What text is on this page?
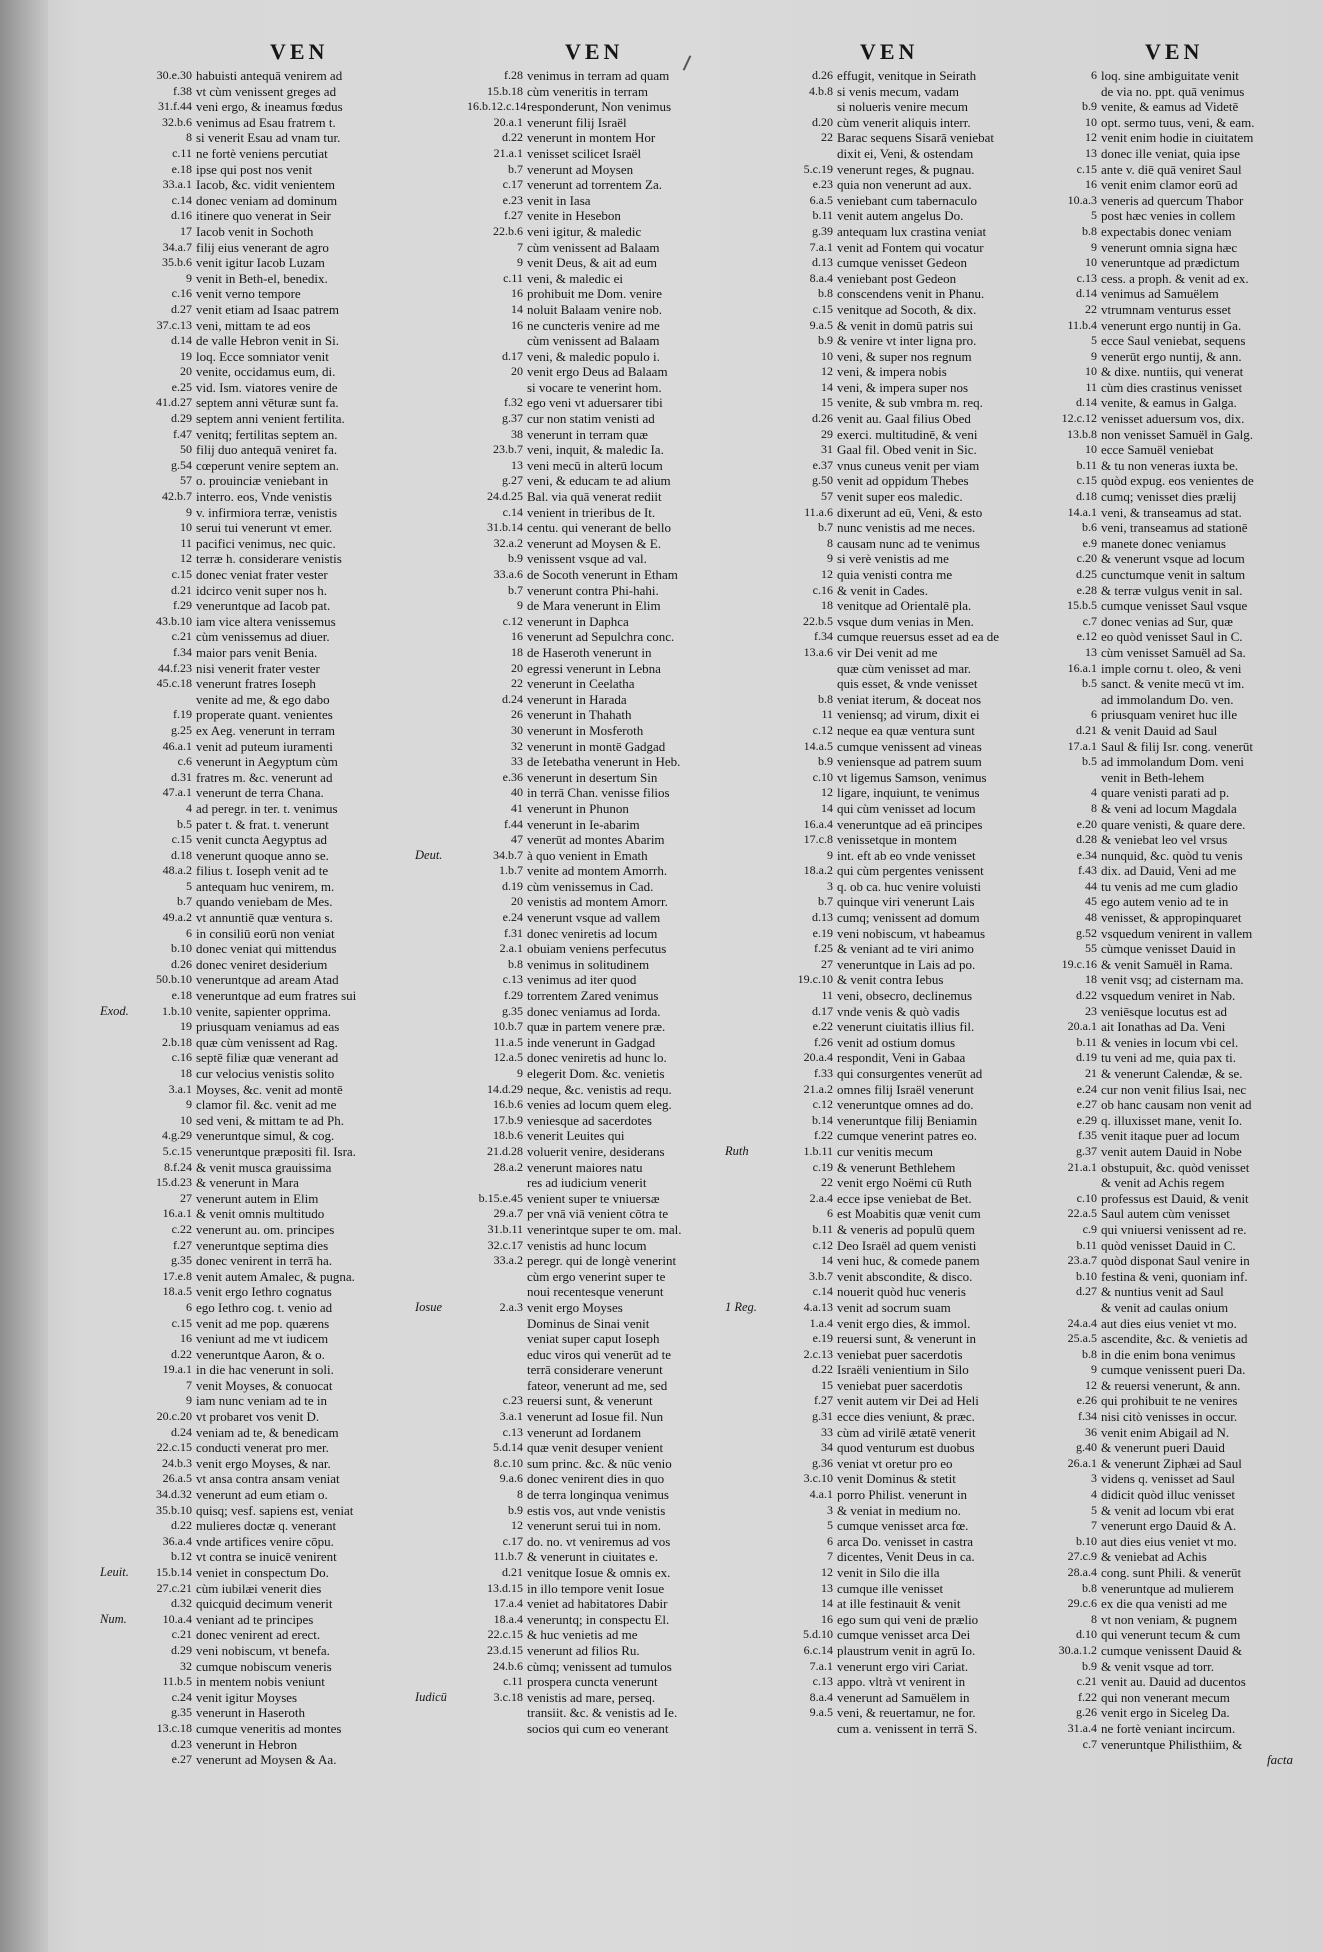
VEN
30.e.30 habuisti antequā venirem ad
f.38 vt cùm venissent greges ad
31.f.44 veni ergo, & ineamus fœdus
32.b.6 venimus ad Esau fratrem t.
8 si venerit Esau ad vnam tur.
c.11 ne fortè veniens percutiat
e.18 ipse qui post nos venit
33.a.1 Iacob, &c. vidit venientem
c.14 donec veniam ad dominum
d.16 itinere quo venerat in Seir
17 Iacob venit in Sochoth
34.a.7 filij eius venerant de agro
35.b.6 venit igitur Iacob Luzam
9 venit in Beth-el, benedix.
c.16 venit verno tempore
d.27 venit etiam ad Isaac patrem
37.c.13 veni, mittam te ad eos
d.14 de valle Hebron venit in Si.
19 loq. Ecce somniator venit
20 venite, occidamus eum, di.
e.25 vid. Ism. viatores venire de
41.d.27 septem anni vēturæ sunt fa.
d.29 septem anni venient fertilita.
f.47 venitq; fertilitas septem an.
50 filij duo antequā veniret fa.
g.54 cœperunt venire septem an.
57 o. prouinciæ veniebant in
42.b.7 interro. eos, Vnde venistis
9 v. infirmiora terræ, venistis
10 serui tui venerunt vt emer.
11 pacifici venimus, nec quic.
12 terræ h. considerare venistis
c.15 donec veniat frater vester
d.21 idcirco venit super nos h.
f.29 veneruntque ad Iacob pat.
43.b.10 iam vice altera venissemus
c.21 cùm venissemus ad diuer.
f.34 maior pars venit Benia.
44.f.23 nisi venerit frater vester
45.c.18 venerunt fratres Ioseph
venite ad me, & ego dabo
f.19 properate quant. venientes
g.25 ex Aeg. venerunt in terram
46.a.1 venit ad puteum iuramenti
c.6 venerunt in Aegyptum cùm
d.31 fratres m. &c. venerunt ad
47.a.1 venerunt de terra Chana.
4 ad peregr. in ter. t. venimus
b.5 pater t. & frat. t. venerunt
c.15 venit cuncta Aegyptus ad
d.18 venerunt quoque anno se.
48.a.2 filius t. Ioseph venit ad te
5 antequam huc venirem, m.
b.7 quando veniebam de Mes.
49.a.2 vt annuntiē quæ ventura s.
6 in consiliū eorū non veniat
b.10 donec veniat qui mittendus
d.26 donec veniret desiderium
50.b.10 veneruntque ad aream Atad
e.18 veneruntque ad eum fratres sui
Exod.	1.b.10 venite, sapienter opprima.
19 priusquam veniamus ad eas
2.b.18 quæ cùm venissent ad Rag.
c.16 septē filiæ quæ venerant ad
18 cur velocius venistis solito
3.a.1 Moyses, &c. venit ad montē
9 clamor fil. &c. venit ad me
10 sed veni, & mittam te ad Ph.
4.g.29 veneruntque simul, & cog.
5.c.15 veneruntque præpositi fil. Isra.
8.f.24 & venit musca grauissima
15.d.23 & venerunt in Mara
27 venerunt autem in Elim
16.a.1 & venit omnis multitudo
c.22 venerunt au. om. principes
f.27 veneruntque septima dies
g.35 donec venirent in terrā ha.
17.e.8 venit autem Amalec, & pugna.
18.a.5 venit ergo Iethro cognatus
6 ego Iethro cog. t. venio ad
c.15 venit ad me pop. quærens
16 veniunt ad me vt iudicem
d.22 veneruntque Aaron, & o.
19.a.1 in die hac venerunt in soli.
7 venit Moyses, & conuocat
9 iam nunc veniam ad te in
20.c.20 vt probaret vos venit D.
d.24 veniam ad te, & benedicam
22.c.15 conducti venerat pro mer.
24.b.3 venit ergo Moyses, & nar.
26.a.5 vt ansa contra ansam veniat
34.d.32 venerunt ad eum etiam o.
35.b.10 quisq; vesf. sapiens est, veniat
d.22 mulieres doctæ q. venerant
36.a.4 vnde artifices venire cōpu.
b.12 vt contra se inuicē venirent
Leuit.	15.b.14 veniet in conspectum Do.
27.c.21 cùm iubilæi venerit dies
d.32 quicquid decimum venerit
Num.	10.a.4 veniant ad te principes
c.21 donec venirent ad erect.
d.29 veni nobiscum, vt benefa.
32 cumque nobiscum veneris
11.b.5 in mentem nobis veniunt
c.24 venit igitur Moyses
g.35 venerunt in Haseroth
13.c.18 cumque veneritis ad montes
d.23 venerunt in Hebron
e.27 venerunt ad Moysen & Aa.
VEN
f.28 venimus in terram ad quam
15.b.18 cùm veneritis in terram
16.b.12.c.14 responderunt, Non venimus
20.a.1 venerunt filij Israël
d.22 venerunt in montem Hor
21.a.1 venisset scilicet Israël
b.7 venerunt ad Moysen
c.17 venerunt ad torrentem Za.
e.23 venit in Iasa
f.27 venite in Hesebon
22.b.6 veni igitur, & maledic
7 cùm venissent ad Balaam
9 venit Deus, & ait ad eum
c.11 veni, & maledic ei
16 prohibuit me Dom. venire
14 noluit Balaam venire nob.
16 ne cuncteris venire ad me
cùm venissent ad Balaam
d.17 veni, & maledic populo i.
20 venit ergo Deus ad Balaam
si vocare te venerint hom.
f.32 ego veni vt aduersarer tibi
g.37 cur non statim venisti ad
38 venerunt in terram quæ
23.b.7 veni, inquit, & maledic Ia.
13 veni mecū in alterū locum
g.27 veni, & educam te ad alium
24.d.25 Bal. via quā venerat rediit
c.14 venient in trieribus de It.
31.b.14 centu. qui venerant de bello
32.a.2 venerunt ad Moysen & E.
b.9 venissent vsque ad val.
33.a.6 de Socoth venerunt in Etham
b.7 venerunt contra Phi-hahi.
9 de Mara venerunt in Elim
c.12 venerunt in Daphca
16 venerunt ad Sepulchra conc.
18 de Haseroth venerunt in
20 egressi venerunt in Lebna
22 venerunt in Ceelatha
d.24 venerunt in Harada
26 venerunt in Thahath
30 venerunt in Mosferoth
32 venerunt in montē Gadgad
33 de Ietebatha venerunt in Heb.
e.36 venerunt in desertum Sin
40 in terrā Chan. venisse filios
41 venerunt in Phunon
f.44 venerunt in Ie-abarim
47 venerūt ad montes Abarim
Deut.	34.b.7 à quo venient in Emath
1.b.7 venite ad montem Amorrh.
d.19 cùm venissemus in Cad.
20 venistis ad montem Amorr.
e.24 venerunt vsque ad vallem
f.31 donec veniretis ad locum
2.a.1 obuiam veniens perfecutus
b.8 venimus in solitudinem
c.13 venimus ad iter quod
f.29 torrentem Zared venimus
g.35 donec veniamus ad Iorda.
10.b.7 quæ in partem venere præ.
11.a.5 inde venerunt in Gadgad
12.a.5 donec veniretis ad hunc lo.
9 elegerit Dom. &c. venietis
14.d.29 neque, &c. venistis ad requ.
16.b.6 venies ad locum quem eleg.
17.b.9 veniesque ad sacerdotes
18.b.6 venerit Leuites qui
21.d.28 voluerit venire, desiderans
28.a.2 venerunt maiores natu
res ad iudicium venerit
b.15.e.45 venient super te vniuersæ
29.a.7 per vnā viā venient cōtra te
31.b.11 venerintque super te om. mal.
32.c.17 venistis ad hunc locum
33.a.2 peregr. qui de longè venerint
cùm ergo venerint super te
noui recentesque venerunt
Iosue	2.a.3 venit ergo Moyses
Dominus de Sinai venit
veniat super caput Ioseph
educ viros qui venerūt ad te
terrā considerare venerunt
fateor, venerunt ad me, sed
c.23 reuersi sunt, & venerunt
3.a.1 venerunt ad Iosue fil. Nun
c.13 venerunt ad Iordanem
5.d.14 quæ venit desuper venient
8.c.10 sum princ. &c. & nūc venio
9.a.6 donec venirent dies in quo
8 de terra longinqua venimus
b.9 estis vos, aut vnde venistis
12 venerunt serui tui in nom.
c.17 do. no. vt veniremus ad vos
11.b.7 & venerunt in ciuitates e.
d.21 venitque Iosue & omnis ex.
13.d.15 in illo tempore venit Iosue
17.a.4 veniet ad habitatores Dabir
18.a.4 veneruntq; in conspectu El.
22.c.15 & huc venietis ad me
23.d.15 venerunt ad filios Ru.
24.b.6 cùmq; venissent ad tumulos
c.11 prospera cuncta venerunt
Iudicū	3.c.18 venistis ad mare, perseq.
transiit. &c. & venistis ad Ie.
socios qui cum eo venerant
VEN
d.26 effugit, venitque in Seirath
4.b.8 si venis mecum, vadam
si nolueris venire mecum
d.20 cùm venerit aliquis interr.
22 Barac sequens Sisarā veniebat
dixit ei, Veni, & ostendam
5.c.19 venerunt reges, & pugnau.
e.23 quia non venerunt ad aux.
6.a.5 veniebant cum tabernaculo
b.11 venit autem angelus Do.
g.39 antequam lux crastina veniat
7.a.1 venit ad Fontem qui vocatur
d.13 cumque venisset Gedeon
8.a.4 veniebant post Gedeon
b.8 conscendens venit in Phanu.
c.15 venitque ad Socoth, & dix.
9.a.5 & venit in domū patris sui
b.9 & venire vt inter ligna pro.
10 veni, & super nos regnum
12 veni, & impera nobis
14 veni, & impera super nos
15 venite, & sub vmbra m. req.
d.26 venit au. Gaal filius Obed
29 exerci. multitudinē, & veni
31 Gaal fil. Obed venit in Sic.
e.37 vnus cuneus venit per viam
g.50 venit ad oppidum Thebes
57 venit super eos maledic.
11.a.6 dixerunt ad eū, Veni, & esto
b.7 nunc venistis ad me neces.
8 causam nunc ad te venimus
9 si verè venistis ad me
12 quia venisti contra me
c.16 & venit in Cades.
18 venitque ad Orientalē pla.
22.b.5 vsque dum venias in Men.
f.34 cumque reuersus esset ad ea de
13.a.6 vir Dei venit ad me
quæ cùm venisset ad mar.
quis esset, & vnde venisset
b.8 veniat iterum, & doceat nos
11 veniensq; ad virum, dixit ei
c.12 neque ea quæ ventura sunt
14.a.5 cumque venissent ad vineas
b.9 veniensque ad patrem suum
c.10 vt ligemus Samson, venimus
12 ligare, inquiunt, te venimus
14 qui cùm venisset ad locum
16.a.4 veneruntque ad eā principes
17.c.8 venissetque in montem
9 int. eft ab eo vnde venisset
18.a.2 qui cùm pergentes venissent
3 q. ob ca. huc venire voluisti
b.7 quinque viri venerunt Lais
d.13 cumq; venissent ad domum
e.19 veni nobiscum, vt habeamus
f.25 & veniant ad te viri animo
27 veneruntque in Lais ad po.
19.c.10 & venit contra Iebus
11 veni, obsecro, declinemus
d.17 vnde venis & quò vadis
e.22 venerunt ciuitatis illius fil.
f.26 venit ad ostium domus
20.a.4 respondit, Veni in Gabaa
f.33 qui consurgentes venerūt ad
21.a.2 omnes filij Israël venerunt
c.12 veneruntque omnes ad do.
b.14 veneruntque filij Beniamin
f.22 cumque venerint patres eo.
Ruth	1.b.11 cur venitis mecum
c.19 & venerunt Bethlehem
22 venit ergo Noëmi cū Ruth
2.a.4 ecce ipse veniebat de Bet.
6 est Moabitis quæ venit cum
b.11 & veneris ad populū quem
c.12 Deo Israël ad quem venisti
14 veni huc, & comede panem
3.b.7 venit abscondite, & disco.
c.14 nouerit quòd huc veneris
1 Reg.	4.a.13 venit ad socrum suam
1.a.4 venit ergo dies, & immol.
e.19 reuersi sunt, & venerunt in
2.c.13 veniebat puer sacerdotis
d.22 Israëli venientium in Silo
15 veniebat puer sacerdotis
f.27 venit autem vir Dei ad Heli
g.31 ecce dies veniunt, & præc.
33 cùm ad virilē ætatē venerit
34 quod venturum est duobus
g.36 veniat vt oretur pro eo
3.c.10 venit Dominus & stetit
4.a.1 porro Philist. venerunt in
3 & veniat in medium no.
5 cumque venisset arca fœ.
6 arca Do. venisset in castra
7 dicentes, Venit Deus in ca.
12 venit in Silo die illa
13 cumque ille venisset
14 at ille festinauit & venit
16 ego sum qui veni de prælio
5.d.10 cumque venisset arca Dei
6.c.14 plaustrum venit in agrū Io.
7.a.1 venerunt ergo viri Cariat.
c.13 appo. vltrà vt venirent in
8.a.4 venerunt ad Samuëlem in
9.a.5 veni, & reuertamur, ne for.
cum a. venissent in terrā S.
VEN
6 loq. sine ambiguitate venit
de via no. ppt. quā venimus
b.9 venite, & eamus ad Videtē
10 opt. sermo tuus, veni, & eam.
12 venit enim hodie in ciuitatem
13 donec ille veniat, quia ipse
c.15 ante v. diē quā veniret Saul
16 venit enim clamor eorū ad
10.a.3 veneris ad quercum Thabor
5 post hæc venies in collem
b.8 expectabis donec veniam
9 venerunt omnia signa hæc
10 veneruntque ad prædictum
c.13 cess. a proph. & venit ad ex.
d.14 venimus ad Samuëlem
22 vtrumnam venturus esset
11.b.4 venerunt ergo nuntij in Ga.
5 ecce Saul veniebat, sequens
9 venerūt ergo nuntij, & ann.
10 & dixe. nuntiis, qui venerat
11 cùm dies crastinus venisset
d.14 venite, & eamus in Galga.
12.c.12 venisset aduersum vos, dix.
13.b.8 non venisset Samuël in Galg.
10 ecce Samuël veniebat
b.11 & tu non veneras iuxta be.
c.15 quòd expug. eos venientes de
d.18 cumq; venisset dies prælij
14.a.1 veni, & transeamus ad stat.
b.6 veni, transeamus ad stationē
e.9 manete donec veniamus
c.20 & venerunt vsque ad locum
d.25 cunctumque venit in saltum
e.28 & terræ vulgus venit in sal.
15.b.5 cumque venisset Saul vsque
c.7 donec venias ad Sur, quæ
e.12 eo quòd venisset Saul in C.
13 cùm venisset Samuël ad Sa.
16.a.1 imple cornu t. oleo, & veni
b.5 sanct. & venite mecū vt im.
ad immolandum Do. ven.
6 priusquam veniret huc ille
d.21 & venit Dauid ad Saul
17.a.1 Saul & filij Isr. cong. venerūt
b.5 ad immolandum Dom. veni
venit in Beth-lehem
4 quare venisti parati ad p.
8 & veni ad locum Magdala
e.20 quare venisti, & quare dere.
d.28 & veniebat leo vel vrsus
e.34 nunquid, &c. quòd tu venis
f.43 dix. ad Dauid, Veni ad me
44 tu venis ad me cum gladio
45 ego autem venio ad te in
48 venisset, & appropinquaret
g.52 vsquedum venirent in vallem
55 cùmque venisset Dauid in
19.c.16 & venit Samuël in Rama.
18 venit vsq; ad cisternam ma.
d.22 vsquedum veniret in Nab.
23 veniēsque locutus est ad
20.a.1 ait Ionathas ad Da. Veni
b.11 & venies in locum vbi cel.
d.19 tu veni ad me, quia pax ti.
21 & venerunt Calendæ, & se.
e.24 cur non venit filius Isai, nec
e.27 ob hanc causam non venit ad
e.29 q. illuxisset mane, venit Io.
f.35 venit itaque puer ad locum
g.37 venit autem Dauid in Nobe
21.a.1 obstupuit, &c. quòd venisset
& venit ad Achis regem
c.10 professus est Dauid, & venit
22.a.5 Saul autem cùm venisset
c.9 qui vniuersi venissent ad re.
b.11 quòd venisset Dauid in C.
23.a.7 quòd disponat Saul venire in
b.10 festina & veni, quoniam inf.
d.27 & nuntius venit ad Saul
& venit ad caulas onium
24.a.4 aut dies eius veniet vt mo.
25.a.5 ascendite, &c. & venietis ad
b.8 in die enim bona venimus
9 cumque venissent pueri Da.
12 & reuersi venerunt, & ann.
e.26 qui prohibuit te ne venires
f.34 nisi citò venisses in occur.
36 venit enim Abigail ad N.
g.40 & venerunt pueri Dauid
26.a.1 & venerunt Ziphæi ad Saul
3 videns q. venisset ad Saul
4 didicit quòd illuc venisset
5 & venit ad locum vbi erat
7 venerunt ergo Dauid & A.
b.10 aut dies eius veniet vt mo.
27.c.9 & veniebat ad Achis
28.a.4 cong. sunt Phili. & venerūt
b.8 veneruntque ad mulierem
29.c.6 ex die qua venisti ad me
8 vt non veniam, & pugnem
d.10 qui venerunt tecum & cum
30.a.1.2 cumque venissent Dauid &
b.9 & venit vsque ad torr.
c.21 venit au. Dauid ad ducentos
f.22 qui non venerant mecum
g.26 venit ergo in Siceleg Da.
31.a.4 ne fortè veniant incircum.
c.7 veneruntque Philisthiim, &
facta
